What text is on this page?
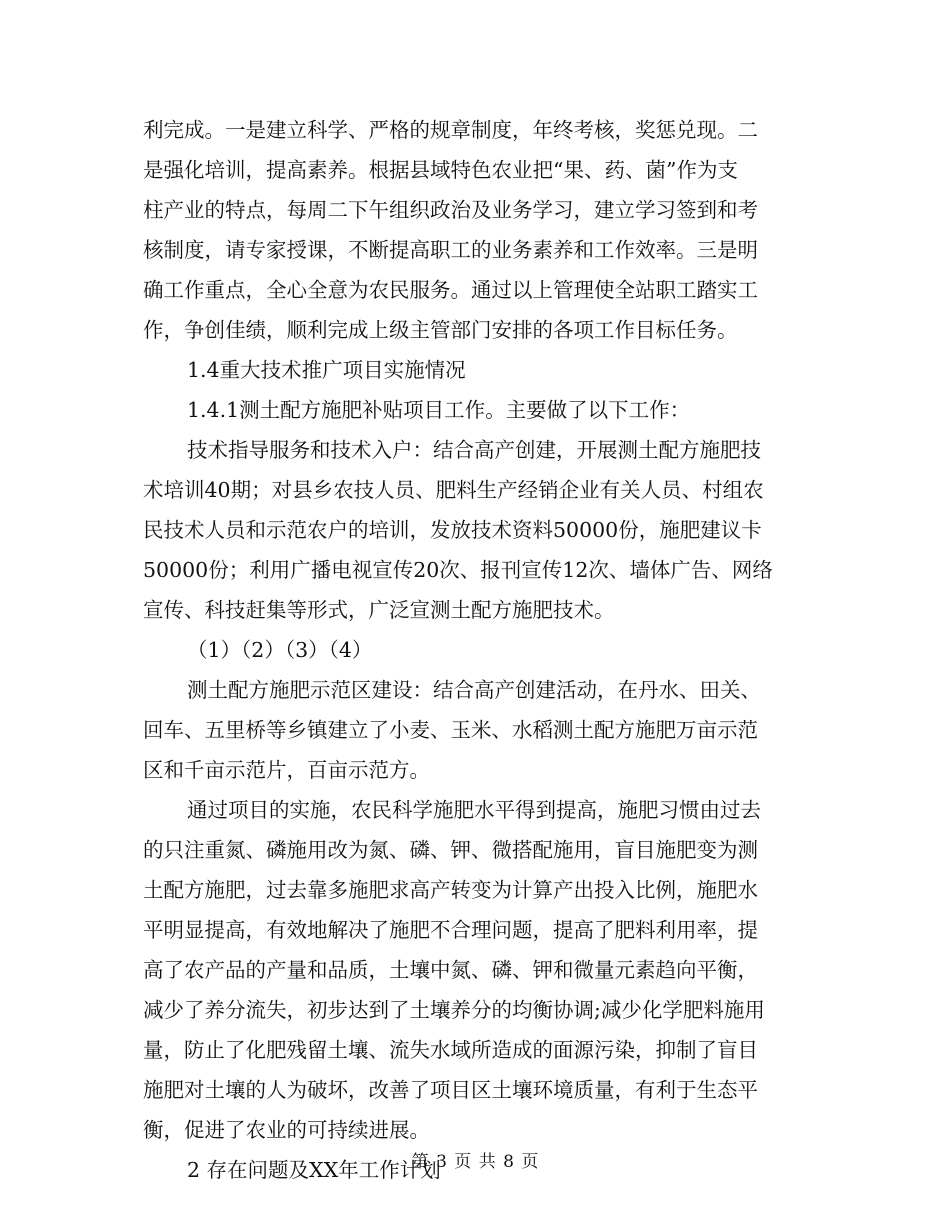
利完成。一是建立科学、严格的规章制度，年终考核，奖惩兑现。二
是强化培训，提高素养。根据县域特色农业把“果、药、菌”作为支
柱产业的特点，每周二下午组织政治及业务学习，建立学习签到和考
核制度，请专家授课，不断提高职工的业务素养和工作效率。三是明
确工作重点，全心全意为农民服务。通过以上管理使全站职工踏实工
作，争创佳绩，顺利完成上级主管部门安排的各项工作目标任务。
1.4重大技术推广项目实施情况
1.4.1测土配方施肥补贴项目工作。主要做了以下工作：
技术指导服务和技术入户：结合高产创建，开展测土配方施肥技
术培训40期；对县乡农技人员、肥料生产经销企业有关人员、村组农
民技术人员和示范农户的培训，发放技术资料50000份，施肥建议卡
50000份；利用广播电视宣传20次、报刊宣传12次、墙体广告、网络
宣传、科技赶集等形式，广泛宣测土配方施肥技术。
（1）（2）（3）（4）
测土配方施肥示范区建设：结合高产创建活动，在丹水、田关、
回车、五里桥等乡镇建立了小麦、玉米、水稻测土配方施肥万亩示范
区和千亩示范片，百亩示范方。
通过项目的实施，农民科学施肥水平得到提高，施肥习惯由过去
的只注重氮、磷施用改为氮、磷、钾、微搭配施用，盲目施肥变为测
土配方施肥，过去靠多施肥求高产转变为计算产出投入比例，施肥水
平明显提高，有效地解决了施肥不合理问题，提高了肥料利用率，提
高了农产品的产量和品质，土壤中氮、磷、钾和微量元素趋向平衡，
减少了养分流失，初步达到了土壤养分的均衡协调;减少化学肥料施用
量，防止了化肥残留土壤、流失水域所造成的面源污染，抑制了盲目
施肥对土壤的人为破坏，改善了项目区土壤环境质量，有利于生态平
衡，促进了农业的可持续进展。
2 存在问题及XX年工作计划
第 3 页 共 8 页
